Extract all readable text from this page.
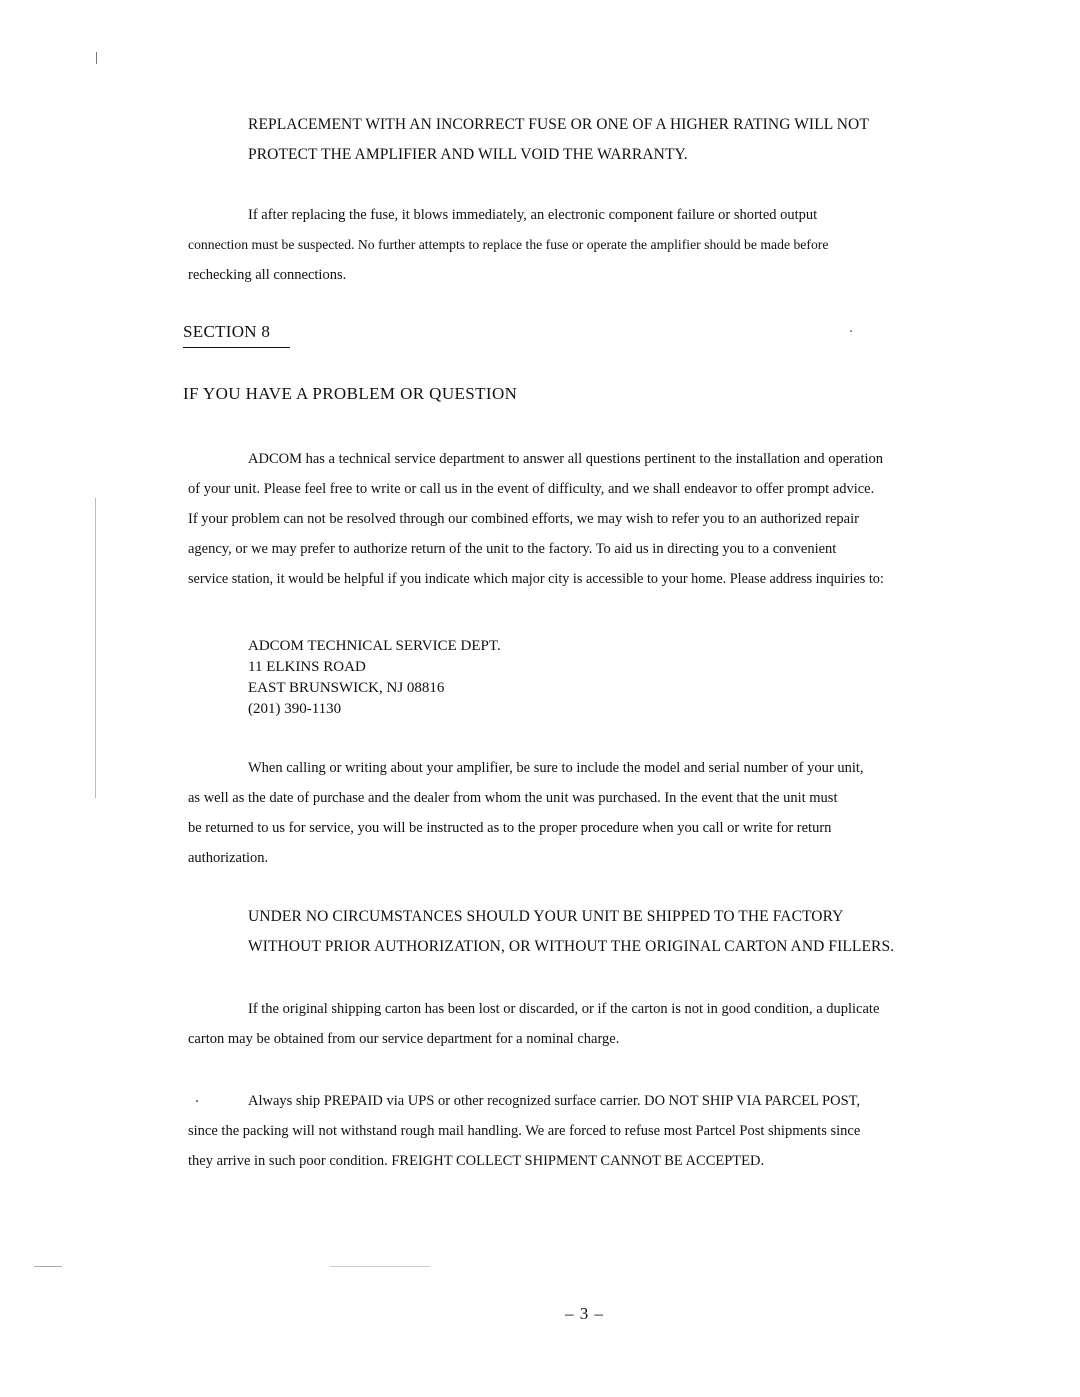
REPLACEMENT WITH AN INCORRECT FUSE OR ONE OF A HIGHER RATING WILL NOT
PROTECT THE AMPLIFIER AND WILL VOID THE WARRANTY.
If after replacing the fuse, it blows immediately, an electronic component failure or shorted output
connection must be suspected. No further attempts to replace the fuse or operate the amplifier should be made before
rechecking all connections.
SECTION 8
IF YOU HAVE A PROBLEM OR QUESTION
ADCOM has a technical service department to answer all questions pertinent to the installation and operation
of your unit. Please feel free to write or call us in the event of difficulty, and we shall endeavor to offer prompt advice.
If your problem can not be resolved through our combined efforts, we may wish to refer you to an authorized repair
agency, or we may prefer to authorize return of the unit to the factory. To aid us in directing you to a convenient
service station, it would be helpful if you indicate which major city is accessible to your home. Please address inquiries to:
ADCOM TECHNICAL SERVICE DEPT.
11 ELKINS ROAD
EAST BRUNSWICK, NJ 08816
(201) 390-1130
When calling or writing about your amplifier, be sure to include the model and serial number of your unit,
as well as the date of purchase and the dealer from whom the unit was purchased. In the event that the unit must
be returned to us for service, you will be instructed as to the proper procedure when you call or write for return
authorization.
UNDER NO CIRCUMSTANCES SHOULD YOUR UNIT BE SHIPPED TO THE FACTORY
WITHOUT PRIOR AUTHORIZATION, OR WITHOUT THE ORIGINAL CARTON AND FILLERS.
If the original shipping carton has been lost or discarded, or if the carton is not in good condition, a duplicate
carton may be obtained from our service department for a nominal charge.
Always ship PREPAID via UPS or other recognized surface carrier. DO NOT SHIP VIA PARCEL POST,
since the packing will not withstand rough mail handling. We are forced to refuse most Partcel Post shipments since
they arrive in such poor condition. FREIGHT COLLECT SHIPMENT CANNOT BE ACCEPTED.
– 3 –
